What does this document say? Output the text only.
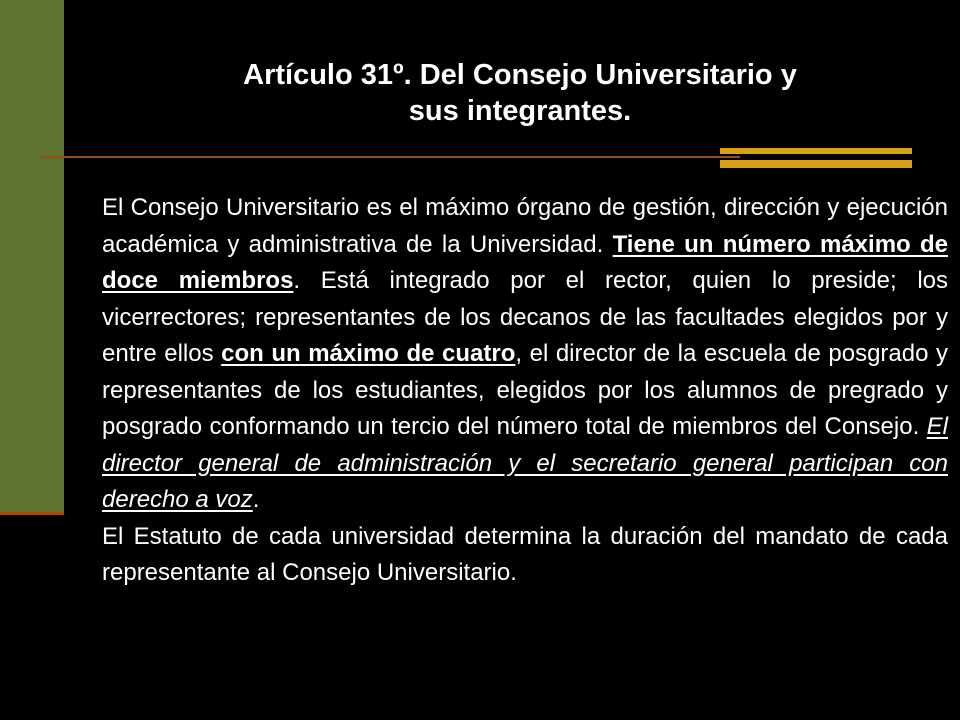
Artículo 31º. Del Consejo Universitario y
sus integrantes.

El Consejo Universitario es el máximo órgano de gestión, dirección y ejecución académica y administrativa de la Universidad. Tiene un número máximo de doce miembros. Está integrado por el rector, quien lo preside; los vicerrectores; representantes de los decanos de las facultades elegidos por y entre ellos con un máximo de cuatro, el director de la escuela de posgrado y representantes de los estudiantes, elegidos por los alumnos de pregrado y posgrado conformando un tercio del número total de miembros del Consejo. El director general de administración y el secretario general participan con derecho a voz.

El Estatuto de cada universidad determina la duración del mandato de cada representante al Consejo Universitario.
